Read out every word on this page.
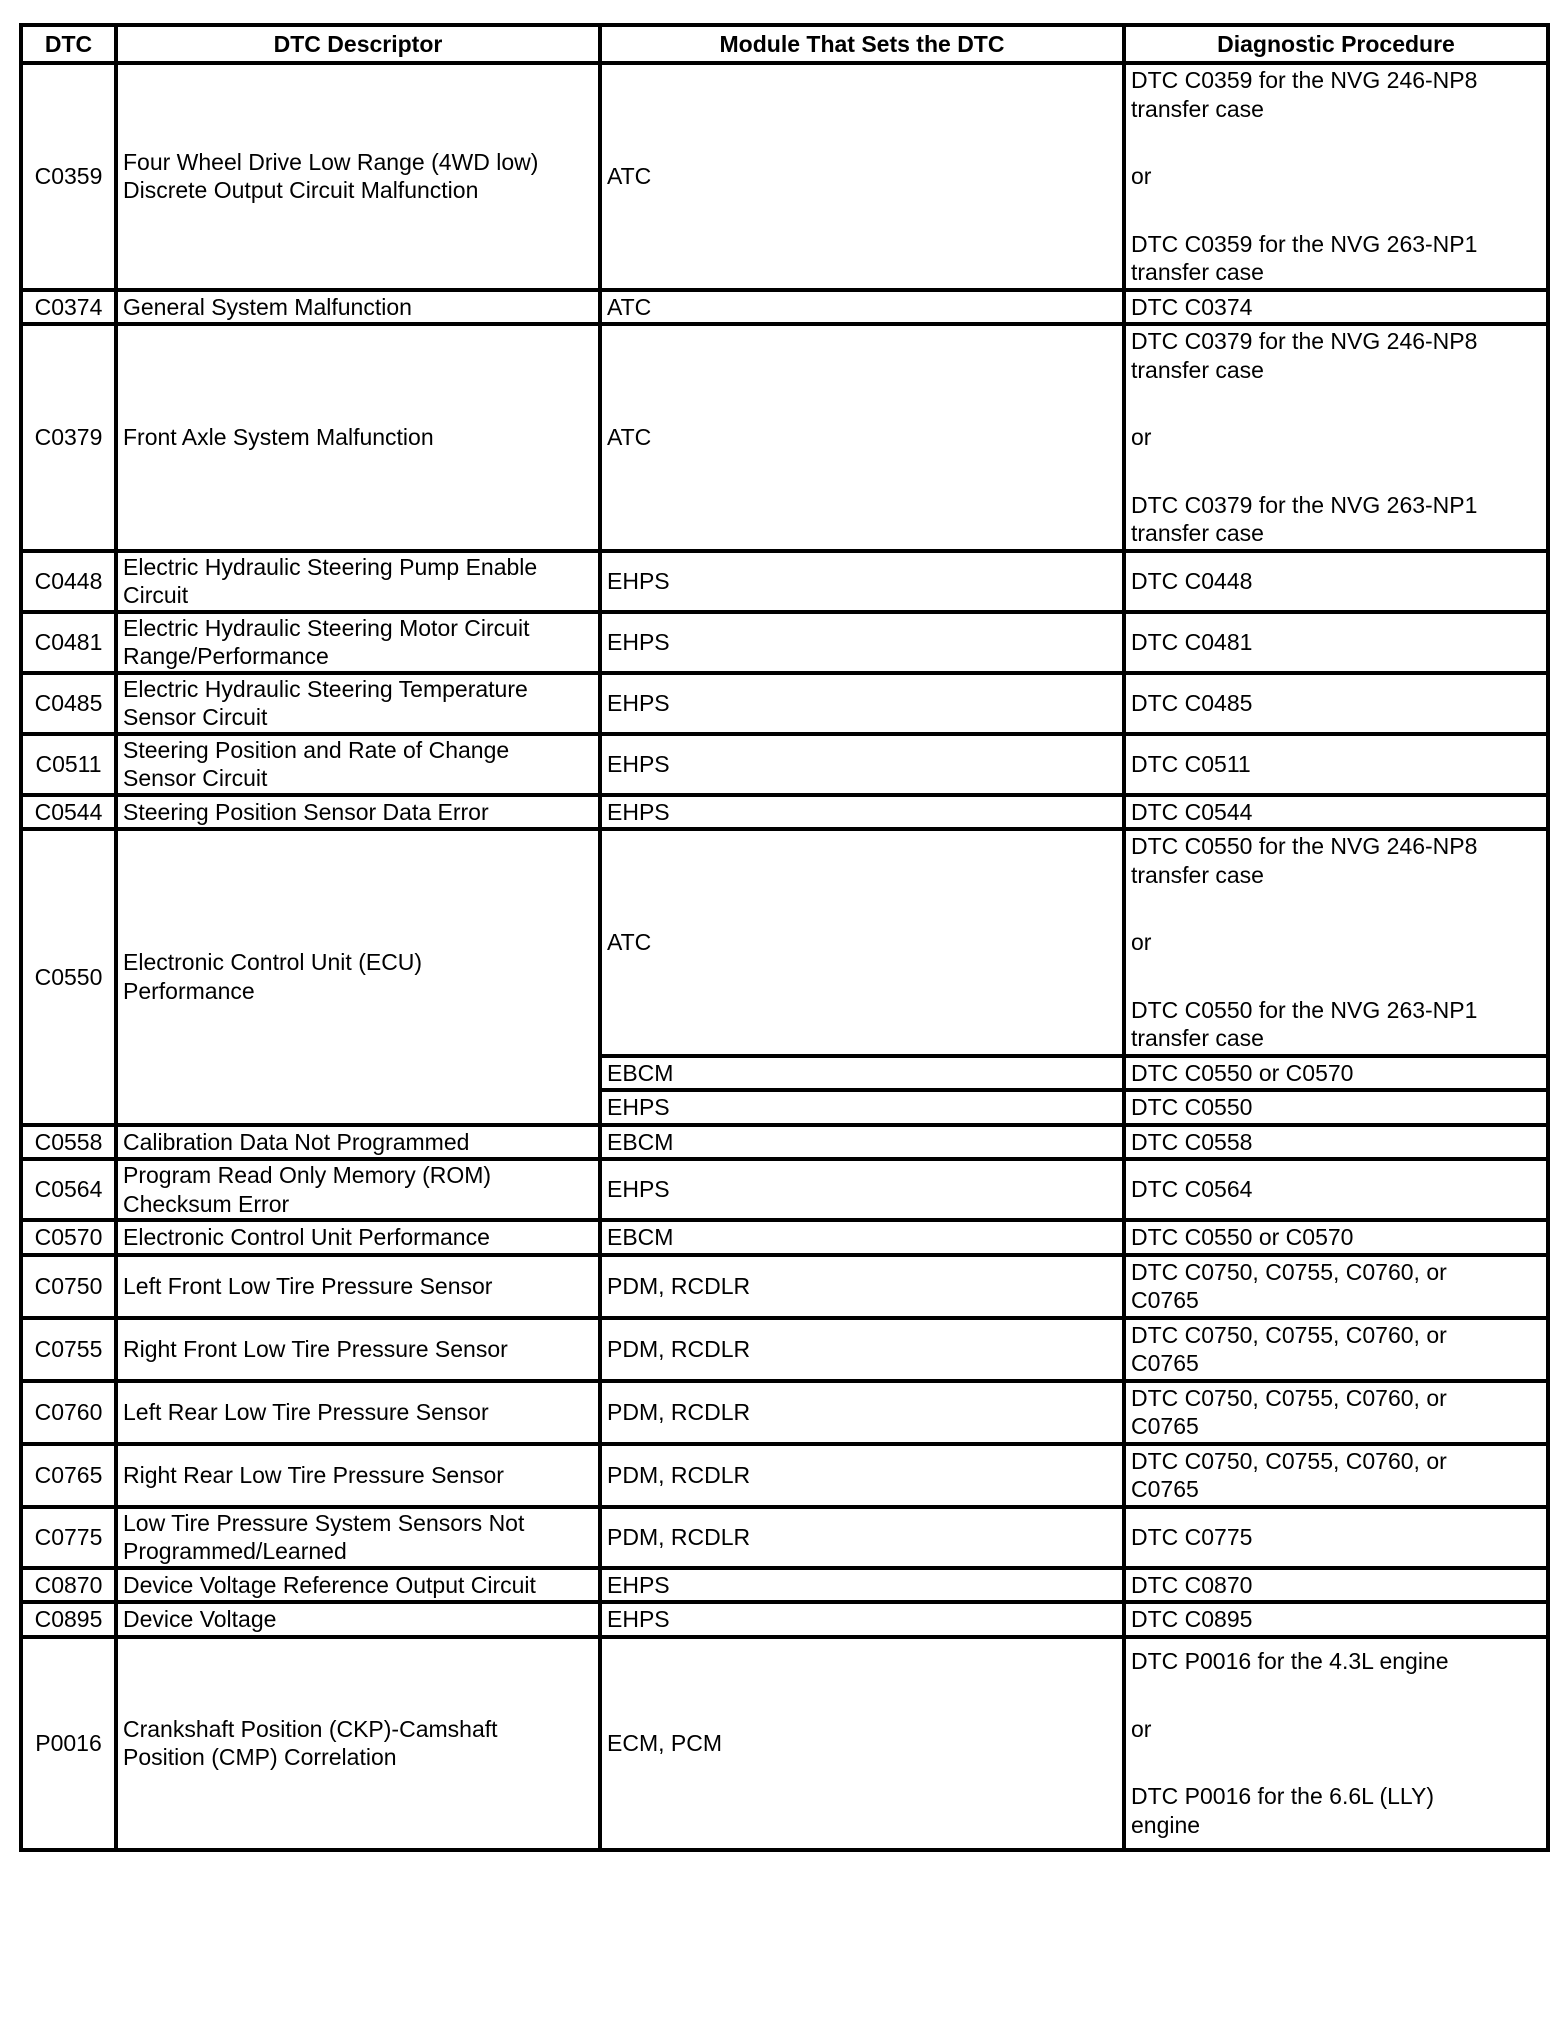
DTC	DTC Descriptor	Module That Sets the DTC	Diagnostic Procedure
C0359	Four Wheel Drive Low Range (4WD low)
Discrete Output Circuit Malfunction	ATC	DTC C0359 for the NVG 246-NP8
transfer case
or
DTC C0359 for the NVG 263-NP1
transfer case

C0374	General System Malfunction	ATC	DTC C0374

C0379	Front Axle System Malfunction	ATC	DTC C0379 for the NVG 246-NP8
transfer case
or
DTC C0379 for the NVG 263-NP1
transfer case

C0448	Electric Hydraulic Steering Pump Enable
Circuit	EHPS	DTC C0448

C0481	Electric Hydraulic Steering Motor Circuit
Range/Performance	EHPS	DTC C0481

C0485	Electric Hydraulic Steering Temperature
Sensor Circuit	EHPS	DTC C0485

C0511	Steering Position and Rate of Change
Sensor Circuit	EHPS	DTC C0511

C0544	Steering Position Sensor Data Error	EHPS	DTC C0544

C0550	Electronic Control Unit (ECU)
Performance	ATC	DTC C0550 for the NVG 246-NP8
transfer case
or
DTC C0550 for the NVG 263-NP1
transfer case

		EBCM	DTC C0550 or C0570

		EHPS	DTC C0550

C0558	Calibration Data Not Programmed	EBCM	DTC C0558

C0564	Program Read Only Memory (ROM)
Checksum Error	EHPS	DTC C0564

C0570	Electronic Control Unit Performance	EBCM	DTC C0550 or C0570

C0750	Left Front Low Tire Pressure Sensor	PDM, RCDLR	DTC C0750, C0755, C0760, or
C0765

C0755	Right Front Low Tire Pressure Sensor	PDM, RCDLR	DTC C0750, C0755, C0760, or
C0765

C0760	Left Rear Low Tire Pressure Sensor	PDM, RCDLR	DTC C0750, C0755, C0760, or
C0765

C0765	Right Rear Low Tire Pressure Sensor	PDM, RCDLR	DTC C0750, C0755, C0760, or
C0765

C0775	Low Tire Pressure System Sensors Not
Programmed/Learned	PDM, RCDLR	DTC C0775

C0870	Device Voltage Reference Output Circuit	EHPS	DTC C0870

C0895	Device Voltage	EHPS	DTC C0895

P0016	Crankshaft Position (CKP)-Camshaft
Position (CMP) Correlation	ECM, PCM	DTC P0016 for the 4.3L engine
or
DTC P0016 for the 6.6L (LLY)
engine
